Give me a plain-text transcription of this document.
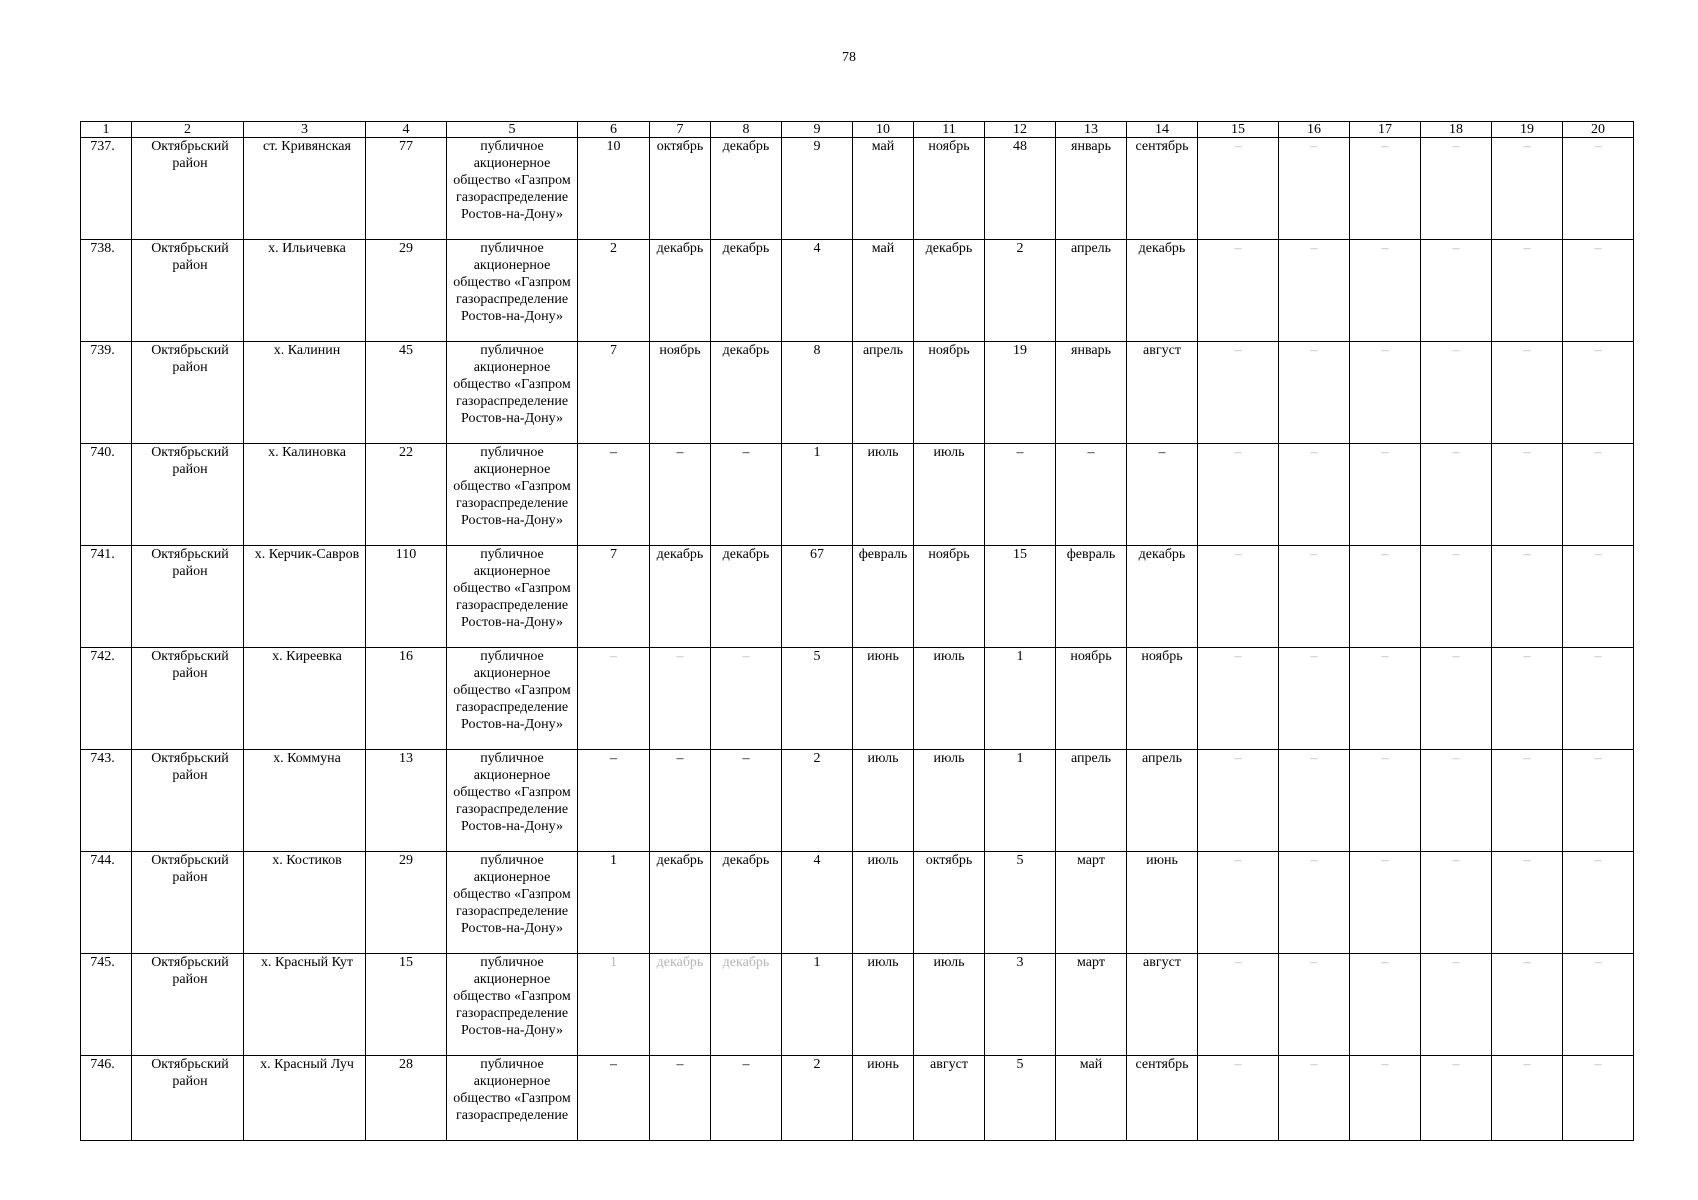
78
1	2	3	4	5	6	7	8	9	10	11	12	13	14	15	16	17	18	19	20
737.	Октябрьский район	ст. Кривянская	77	публичное акционерное общество «Газпром газораспределение Ростов-на-Дону»	10	октябрь	декабрь	9	май	ноябрь	48	январь	сентябрь	–	–	–	–	–	–
738.	Октябрьский район	х. Ильичевка	29	публичное акционерное общество «Газпром газораспределение Ростов-на-Дону»	2	декабрь	декабрь	4	май	декабрь	2	апрель	декабрь	–	–	–	–	–	–
739.	Октябрьский район	х. Калинин	45	публичное акционерное общество «Газпром газораспределение Ростов-на-Дону»	7	ноябрь	декабрь	8	апрель	ноябрь	19	январь	август	–	–	–	–	–	–
740.	Октябрьский район	х. Калиновка	22	публичное акционерное общество «Газпром газораспределение Ростов-на-Дону»	–	–	–	1	июль	июль	–	–	–	–	–	–	–	–	–
741.	Октябрьский район	х. Керчик-Савров	110	публичное акционерное общество «Газпром газораспределение Ростов-на-Дону»	7	декабрь	декабрь	67	февраль	ноябрь	15	февраль	декабрь	–	–	–	–	–	–
742.	Октябрьский район	х. Киреевка	16	публичное акционерное общество «Газпром газораспределение Ростов-на-Дону»	–	–	–	5	июнь	июль	1	ноябрь	ноябрь	–	–	–	–	–	–
743.	Октябрьский район	х. Коммуна	13	публичное акционерное общество «Газпром газораспределение Ростов-на-Дону»	–	–	–	2	июль	июль	1	апрель	апрель	–	–	–	–	–	–
744.	Октябрьский район	х. Костиков	29	публичное акционерное общество «Газпром газораспределение Ростов-на-Дону»	1	декабрь	декабрь	4	июль	октябрь	5	март	июнь	–	–	–	–	–	–
745.	Октябрьский район	х. Красный Кут	15	публичное акционерное общество «Газпром газораспределение Ростов-на-Дону»	1	декабрь	декабрь	1	июль	июль	3	март	август	–	–	–	–	–	–
746.	Октябрьский район	х. Красный Луч	28	публичное акционерное общество «Газпром газораспределение	–	–	–	2	июнь	август	5	май	сентябрь	–	–	–	–	–	–
